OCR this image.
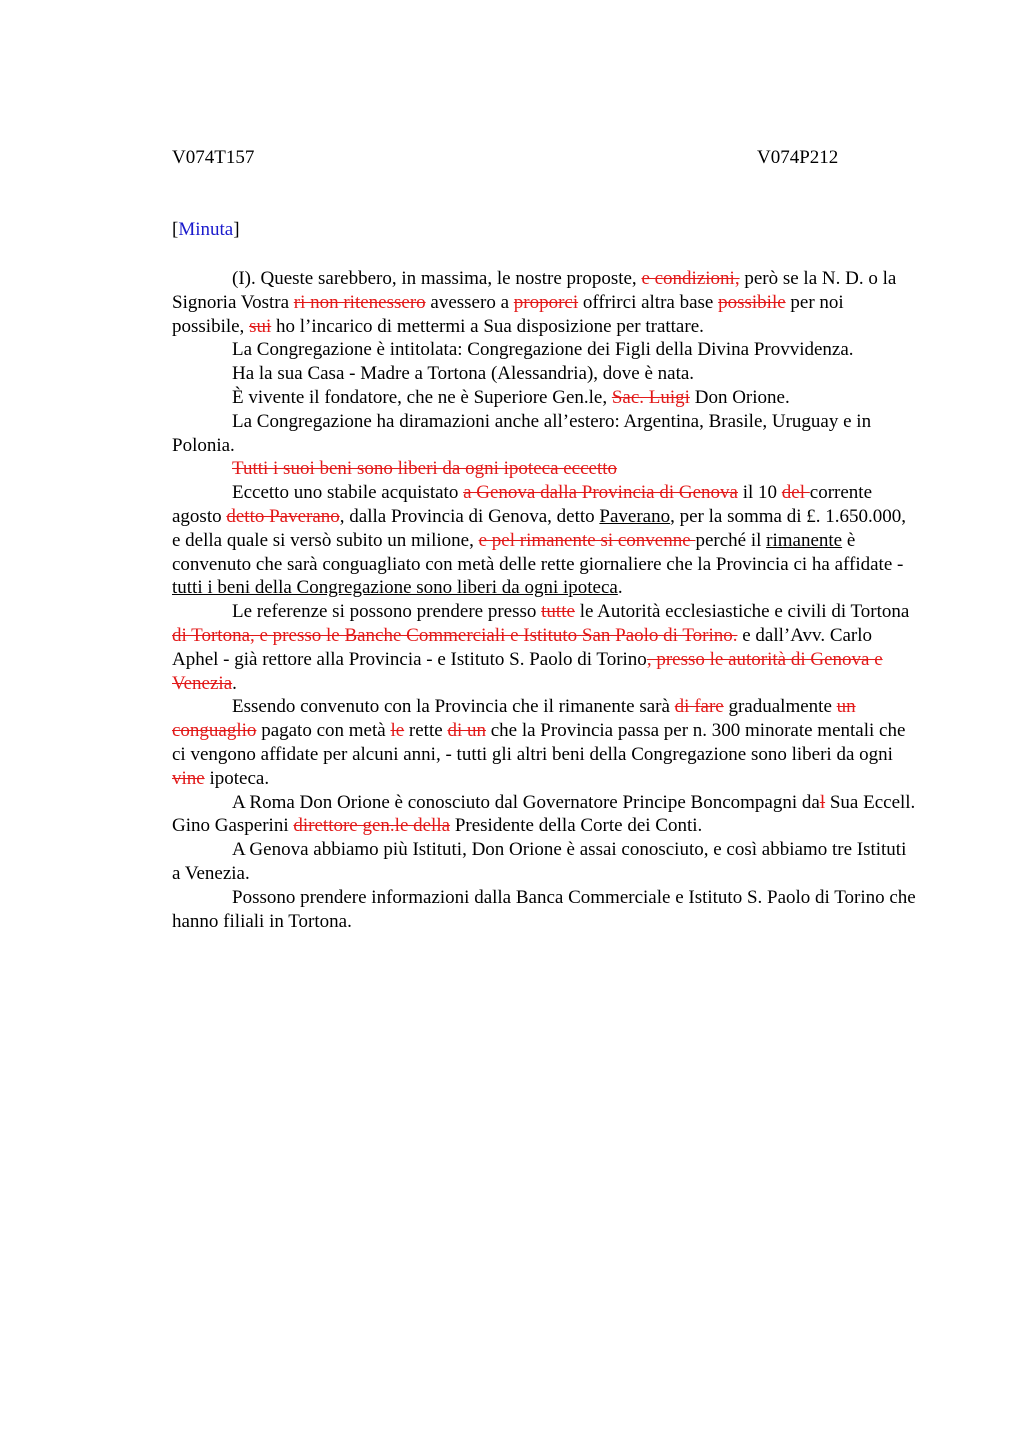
V074T157	V074P212
[Minuta]

(I). Queste sarebbero, in massima, le nostre proposte, e condizioni, però se la N. D. o la Signoria Vostra ri non ritenessero avessero a proporci offrirci altra base possibile per noi possibile, sui ho l’incarico di mettermi a Sua disposizione per trattare.

La Congregazione è intitolata: Congregazione dei Figli della Divina Provvidenza.

Ha la sua Casa - Madre a Tortona (Alessandria), dove è nata.

È vivente il fondatore, che ne è Superiore Gen.le, Sac. Luigi Don Orione.

La Congregazione ha diramazioni anche all’estero: Argentina, Brasile, Uruguay e in Polonia.

Tutti i suoi beni sono liberi da ogni ipoteca eccetto

Eccetto uno stabile acquistato a Genova dalla Provincia di Genova il 10 del corrente agosto detto Paverano, dalla Provincia di Genova, detto Paverano, per la somma di £. 1.650.000, e della quale si versò subito un milione, e pel rimanente si convenne perché il rimanente è convenuto che sarà conguagliato con metà delle rette giornaliere che la Provincia ci ha affidate - tutti i beni della Congregazione sono liberi da ogni ipoteca.

Le referenze si possono prendere presso tutte le Autorità ecclesiastiche e civili di Tortona di Tortona, e presso le Banche Commerciali e Istituto San Paolo di Torino. e dall’Avv. Carlo Aphel - già rettore alla Provincia - e Istituto S. Paolo di Torino, presso le autorità di Genova e Venezia.

Essendo convenuto con la Provincia che il rimanente sarà di fare gradualmente un conguaglio pagato con metà le rette di un che la Provincia passa per n. 300 minorate mentali che ci vengono affidate per alcuni anni, - tutti gli altri beni della Congregazione sono liberi da ogni vine ipoteca.

A Roma Don Orione è conosciuto dal Governatore Principe Boncompagni dal Sua Eccell. Gino Gasperini direttore gen.le della Presidente della Corte dei Conti.

A Genova abbiamo più Istituti, Don Orione è assai conosciuto, e così abbiamo tre Istituti a Venezia.

Possono prendere informazioni dalla Banca Commerciale e Istituto S. Paolo di Torino che hanno filiali in Tortona.
